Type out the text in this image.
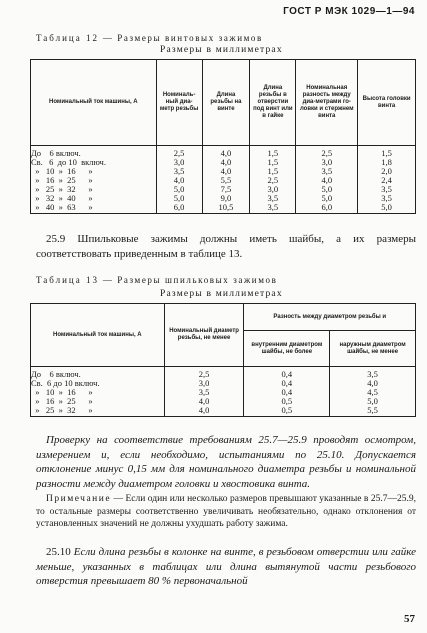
ГОСТ Р МЭК 1029—1—94
Таблица 12 — Размеры винтовых зажимов
Размеры в миллиметрах
Номинальный ток машины, А	Номиналь-ный диа-метр резьбы	Длина резьбы на винте	Длина резьбы в отверстии под винт или в гайке	Номинальная разность между диа-метрами го-ловки и стержнем винта	Высота головки винта
До    6 включ.	2,5	4,0	1,5	2,5	1,5
Св.   6  до 10  включ.	3,0	4,0	1,5	3,0	1,8
»   10  »  16      »	3,5	4,0	1,5	3,5	2,0
»   16  »  25      »	4,0	5,5	2,5	4,0	2,4
»   25  »  32      »	5,0	7,5	3,0	5,0	3,5
»   32  »  40      »	5,0	9,0	3,5	5,0	3,5
»   40  »  63      »	6,0	10,5	3,5	6,0	5,0
25.9 Шпильковые зажимы должны иметь шайбы, а их размеры соответствовать приведенным в таблице 13.
Таблица 13 — Размеры шпильковых зажимов
Размеры в миллиметрах
Номинальный ток машины, А	Номинальный диаметр резьбы, не менее	Разность между диаметром резьбы и	
		внутренним диаметром шайбы, не более	наружным диаметром шайбы, не менее
До    6 включ.	2,5	0,4	3,5
Св.  6 до 10 включ.	3,0	0,4	4,0
»   10  »  16      »	3,5	0,4	4,5
»   16  »  25      »	4,0	0,5	5,0
»   25  »  32      »	4,0	0,5	5,5
Проверку на соответствие требованиям 25.7—25.9 проводят осмотром, измерением и, если необходимо, испытаниями по 25.10. Допускается отклонение минус 0,15 мм для номинального диаметра резьбы и номинальной разности между диаметром головки и хвостовика винта.
Примечание — Если один или несколько размеров превышают указанные в 25.7—25.9, то остальные размеры соответственно увеличивать необязательно, однако отклонения от установленных значений не должны ухудшать работу зажима.
25.10 Если длина резьбы в колонке на винте, в резьбовом отверстии или гайке меньше, указанных в таблицах или длина вытянутой части резьбового отверстия превышает 80 % первоначальной
57
